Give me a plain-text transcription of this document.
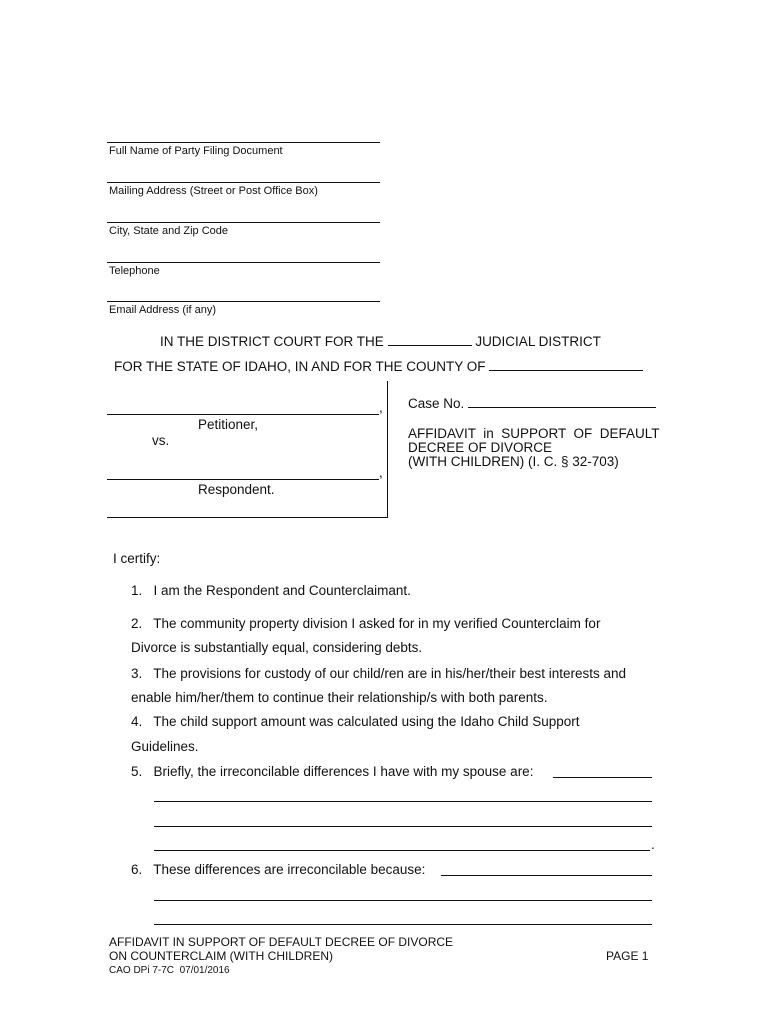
Full Name of Party Filing Document
Mailing Address (Street or Post Office Box)
City, State and Zip Code
Telephone
Email Address (if any)
IN THE DISTRICT COURT FOR THE	JUDICIAL DISTRICT
FOR THE STATE OF IDAHO, IN AND FOR THE COUNTY OF
,
Petitioner,
vs.
,
Respondent.
Case No.
AFFIDAVIT  in  SUPPORT  OF  DEFAULT
DECREE OF DIVORCE
(WITH CHILDREN) (I. C. § 32-703)
I certify:
1.   I am the Respondent and Counterclaimant.
2.   The community property division I asked for in my verified Counterclaim for
Divorce is substantially equal, considering debts.
3.   The provisions for custody of our child/ren are in his/her/their best interests and
enable him/her/them to continue their relationship/s with both parents.
4.   The child support amount was calculated using the Idaho Child Support
Guidelines.
5.   Briefly, the irreconcilable differences I have with my spouse are:
.
6.   These differences are irreconcilable because:
AFFIDAVIT IN SUPPORT OF DEFAULT DECREE OF DIVORCE
ON COUNTERCLAIM (WITH CHILDREN)	PAGE 1
CAO DPi 7-7C  07/01/2016
